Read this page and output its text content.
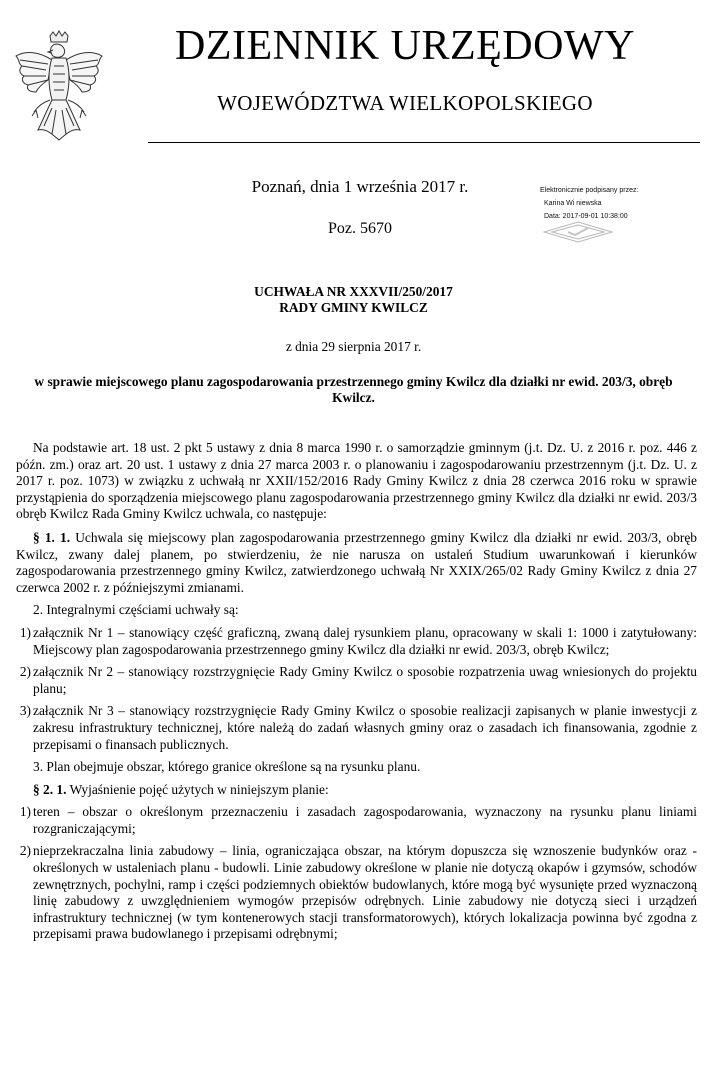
DZIENNIK URZĘDOWY
WOJEWÓDZTWA WIELKOPOLSKIEGO
Poznań, dnia 1 września 2017 r.
Poz. 5670
Elektronicznie podpisany przez:
Karina Wi niewska
Data: 2017-09-01 10:38:00
UCHWAŁA NR XXXVII/250/2017
RADY GMINY KWILCZ
z dnia 29 sierpnia 2017 r.
w sprawie miejscowego planu zagospodarowania przestrzennego gminy Kwilcz dla działki nr ewid. 203/3, obręb Kwilcz.

Na podstawie art. 18 ust. 2 pkt 5 ustawy z dnia 8 marca 1990 r. o samorządzie gminnym (j.t. Dz. U. z 2016 r. poz. 446 z późn. zm.) oraz art. 20 ust. 1 ustawy z dnia 27 marca 2003 r. o planowaniu i zagospodarowaniu przestrzennym (j.t. Dz. U. z 2017 r. poz. 1073) w związku z uchwałą nr XXII/152/2016 Rady Gminy Kwilcz z dnia 28 czerwca 2016 roku w sprawie przystąpienia do sporządzenia miejscowego planu zagospodarowania przestrzennego gminy Kwilcz dla działki nr ewid. 203/3 obręb Kwilcz Rada Gminy Kwilcz uchwala, co następuje:

§ 1. 1. Uchwala się miejscowy plan zagospodarowania przestrzennego gminy Kwilcz dla działki nr ewid. 203/3, obręb Kwilcz, zwany dalej planem, po stwierdzeniu, że nie narusza on ustaleń Studium uwarunkowań i kierunków zagospodarowania przestrzennego gminy Kwilcz, zatwierdzonego uchwałą Nr XXIX/265/02 Rady Gminy Kwilcz z dnia 27 czerwca 2002 r. z późniejszymi zmianami.

2. Integralnymi częściami uchwały są:

1) załącznik Nr 1 – stanowiący część graficzną, zwaną dalej rysunkiem planu, opracowany w skali 1: 1000 i zatytułowany: Miejscowy plan zagospodarowania przestrzennego gminy Kwilcz dla działki nr ewid. 203/3, obręb Kwilcz;
2) załącznik Nr 2 – stanowiący rozstrzygnięcie Rady Gminy Kwilcz o sposobie rozpatrzenia uwag wniesionych do projektu planu;
3) załącznik Nr 3 – stanowiący rozstrzygnięcie Rady Gminy Kwilcz o sposobie realizacji zapisanych w planie inwestycji z zakresu infrastruktury technicznej, które należą do zadań własnych gminy oraz o zasadach ich finansowania, zgodnie z przepisami o finansach publicznych.

3. Plan obejmuje obszar, którego granice określone są na rysunku planu.

§ 2. 1. Wyjaśnienie pojęć użytych w niniejszym planie:

1) teren – obszar o określonym przeznaczeniu i zasadach zagospodarowania, wyznaczony na rysunku planu liniami rozgraniczającymi;
2) nieprzekraczalna linia zabudowy – linia, ograniczająca obszar, na którym dopuszcza się wznoszenie budynków oraz - określonych w ustaleniach planu - budowli. Linie zabudowy określone w planie nie dotyczą okapów i gzymsów, schodów zewnętrznych, pochylni, ramp i części podziemnych obiektów budowlanych, które mogą być wysunięte przed wyznaczoną linię zabudowy z uwzględnieniem wymogów przepisów odrębnych. Linie zabudowy nie dotyczą sieci i urządzeń infrastruktury technicznej (w tym kontenerowych stacji transformatorowych), których lokalizacja powinna być zgodna z przepisami prawa budowlanego i przepisami odrębnymi;
